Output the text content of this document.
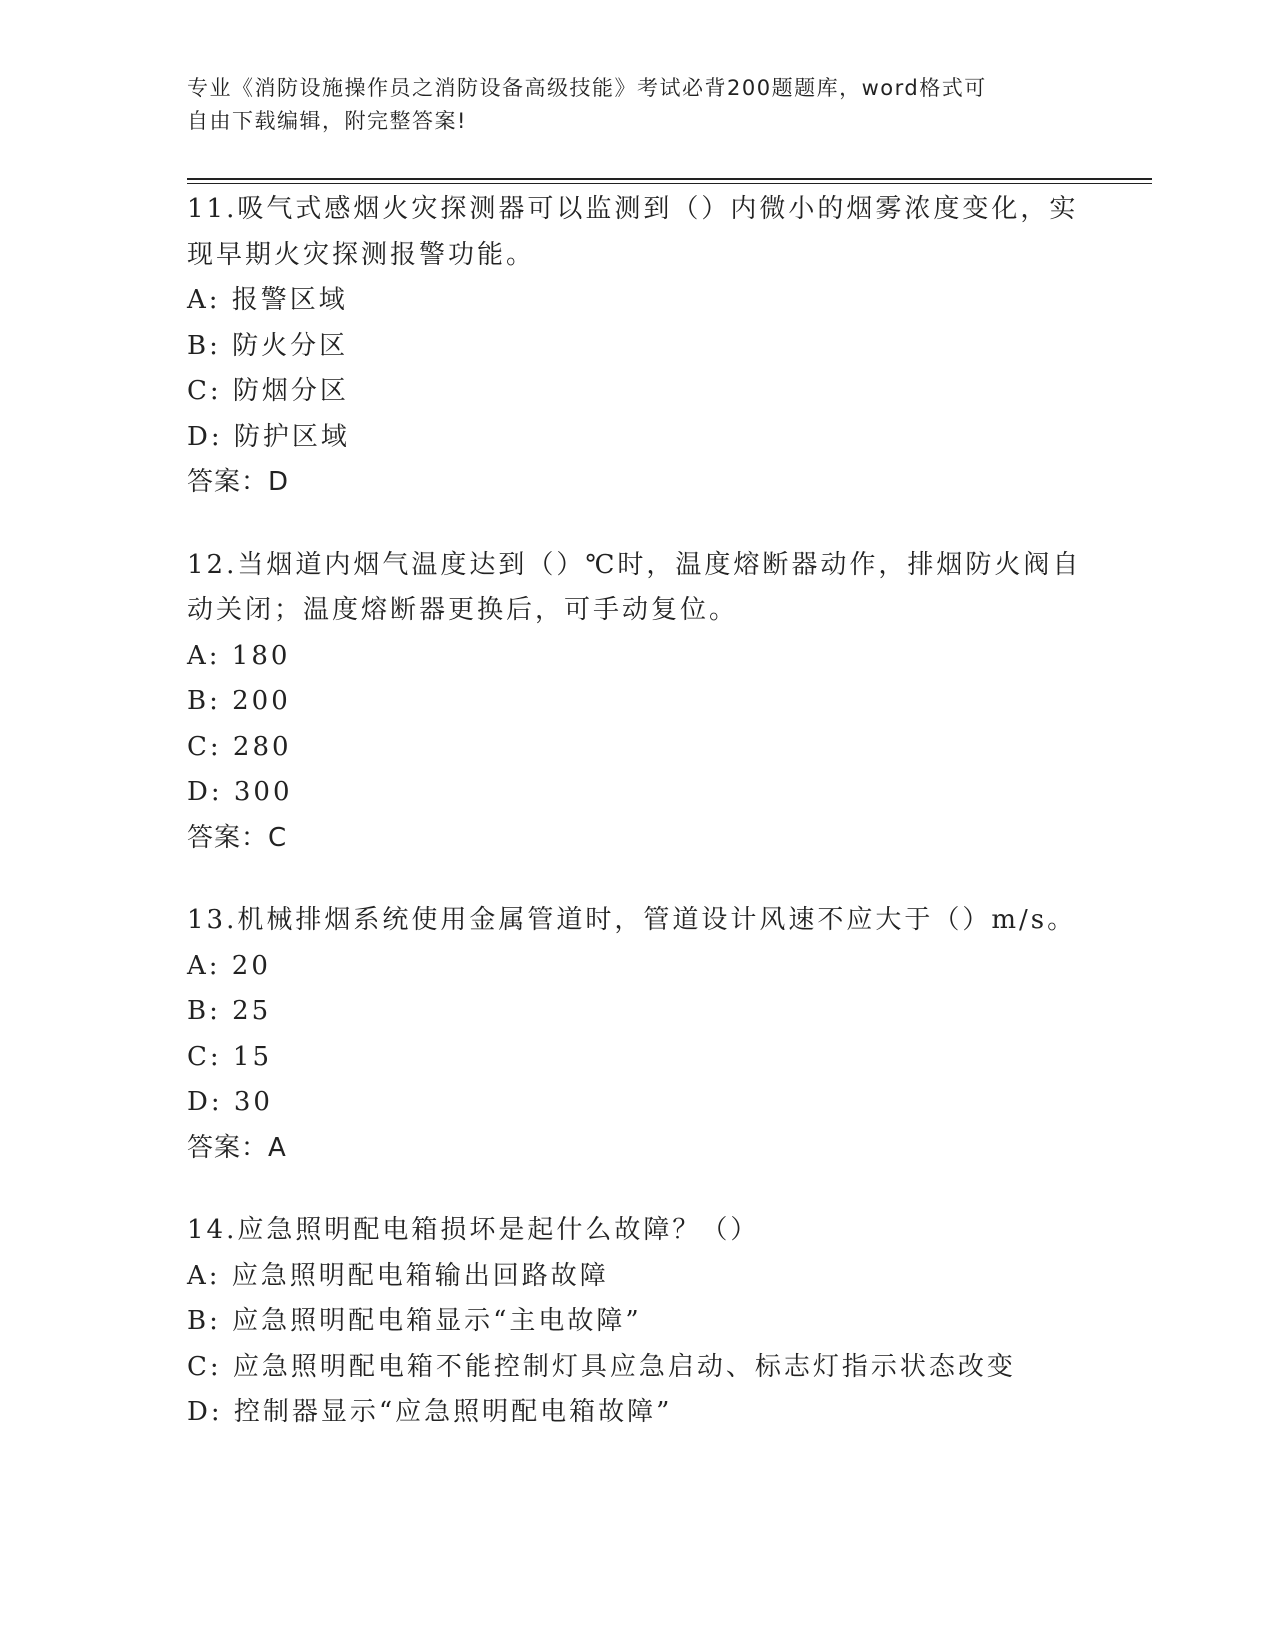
专业《消防设施操作员之消防设备高级技能》考试必背200题题库，word格式可
自由下载编辑，附完整答案!
11.吸气式感烟火灾探测器可以监测到（）内微小的烟雾浓度变化，实现早期火灾探测报警功能。
A: 报警区域
B: 防火分区
C: 防烟分区
D: 防护区域
答案：D
12.当烟道内烟气温度达到（）℃时，温度熔断器动作，排烟防火阀自动关闭；温度熔断器更换后，可手动复位。
A: 180
B: 200
C: 280
D: 300
答案：C
13.机械排烟系统使用金属管道时，管道设计风速不应大于（）m/s。
A: 20
B: 25
C: 15
D: 30
答案：A
14.应急照明配电箱损坏是起什么故障？（）
A: 应急照明配电箱输出回路故障
B: 应急照明配电箱显示“主电故障”
C: 应急照明配电箱不能控制灯具应急启动、标志灯指示状态改变
D: 控制器显示“应急照明配电箱故障”
